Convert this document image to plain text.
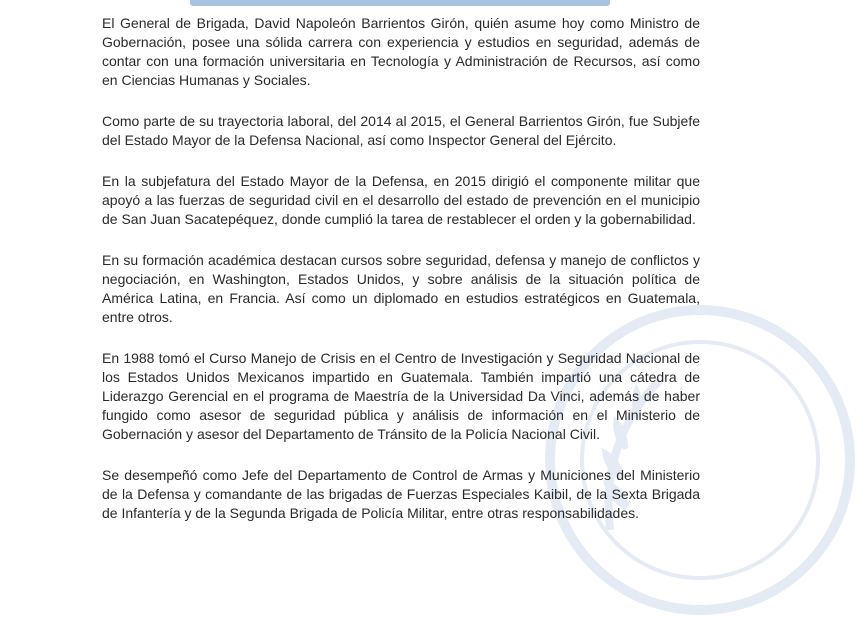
El General de Brigada, David Napoleón Barrientos Girón, quién asume hoy como Ministro de Gobernación, posee una sólida carrera con experiencia y estudios en seguridad, además de contar con una formación universitaria en Tecnología y Administración de Recursos, así como en Ciencias Humanas y Sociales.

Como parte de su trayectoria laboral, del 2014 al 2015, el General Barrientos Girón, fue Subjefe del Estado Mayor de la Defensa Nacional, así como Inspector General del Ejército.

En la subjefatura del Estado Mayor de la Defensa, en 2015 dirigió el componente militar que apoyó a las fuerzas de seguridad civil en el desarrollo del estado de prevención en el municipio de San Juan Sacatepéquez, donde cumplió la tarea de restablecer el orden y la gobernabilidad.

En su formación académica destacan cursos sobre seguridad, defensa y manejo de conflictos y negociación, en Washington, Estados Unidos, y sobre análisis de la situación política de América Latina, en Francia. Así como un diplomado en estudios estratégicos en Guatemala, entre otros.

En 1988 tomó el Curso Manejo de Crisis en el Centro de Investigación y Seguridad Nacional de los Estados Unidos Mexicanos impartido en Guatemala. También impartió una cátedra de Liderazgo Gerencial en el programa de Maestría de la Universidad Da Vinci, además de haber fungido como asesor de seguridad pública y análisis de información en el Ministerio de Gobernación y asesor del Departamento de Tránsito de la Policía Nacional Civil.

Se desempeñó como Jefe del Departamento de Control de Armas y Municiones del Ministerio de la Defensa y comandante de las brigadas de Fuerzas Especiales Kaibil, de la Sexta Brigada de Infantería y de la Segunda Brigada de Policía Militar, entre otras responsabilidades.
